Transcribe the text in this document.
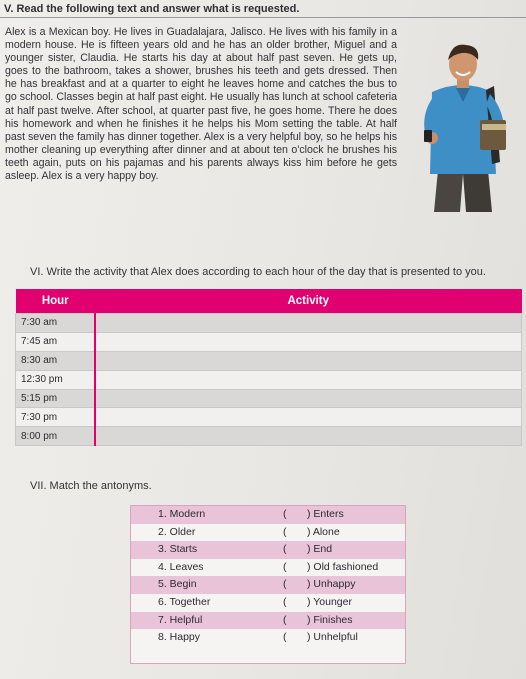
V. Read the following text and answer what is requested.

Alex is a Mexican boy. He lives in Guadalajara, Jalisco. He lives with his family in a modern house. He is fifteen years old and he has an older brother, Miguel and a younger sister, Claudia. He starts his day at about half past seven. He gets up, goes to the bathroom, takes a shower, brushes his teeth and gets dressed. Then he has breakfast and at a quarter to eight he leaves home and catches the bus to go school. Classes begin at half past eight. He usually has lunch at school cafeteria at half past twelve. After school, at quarter past five, he goes home. There he does his homework and when he finishes it he helps his Mom setting the table. At half past seven the family has dinner together. Alex is a very helpful boy, so he helps his mother cleaning up everything after dinner and at about ten o'clock he brushes his teeth again, puts on his pajamas and his parents always kiss him before he gets asleep. Alex is a very happy boy.

VI. Write the activity that Alex does according to each hour of the day that is presented to you.
Hour	Activity
7:30 am	
7:45 am	
8:30 am	
12:30 pm	
5:15 pm	
7:30 pm	
8:00 pm	
VII. Match the antonyms.
1. Modern	( ) Enters
2. Older	( ) Alone
3. Starts	( ) End
4. Leaves	( ) Old fashioned
5. Begin	( ) Unhappy
6. Together	( ) Younger
7. Helpful	( ) Finishes
8. Happy	( ) Unhelpful
